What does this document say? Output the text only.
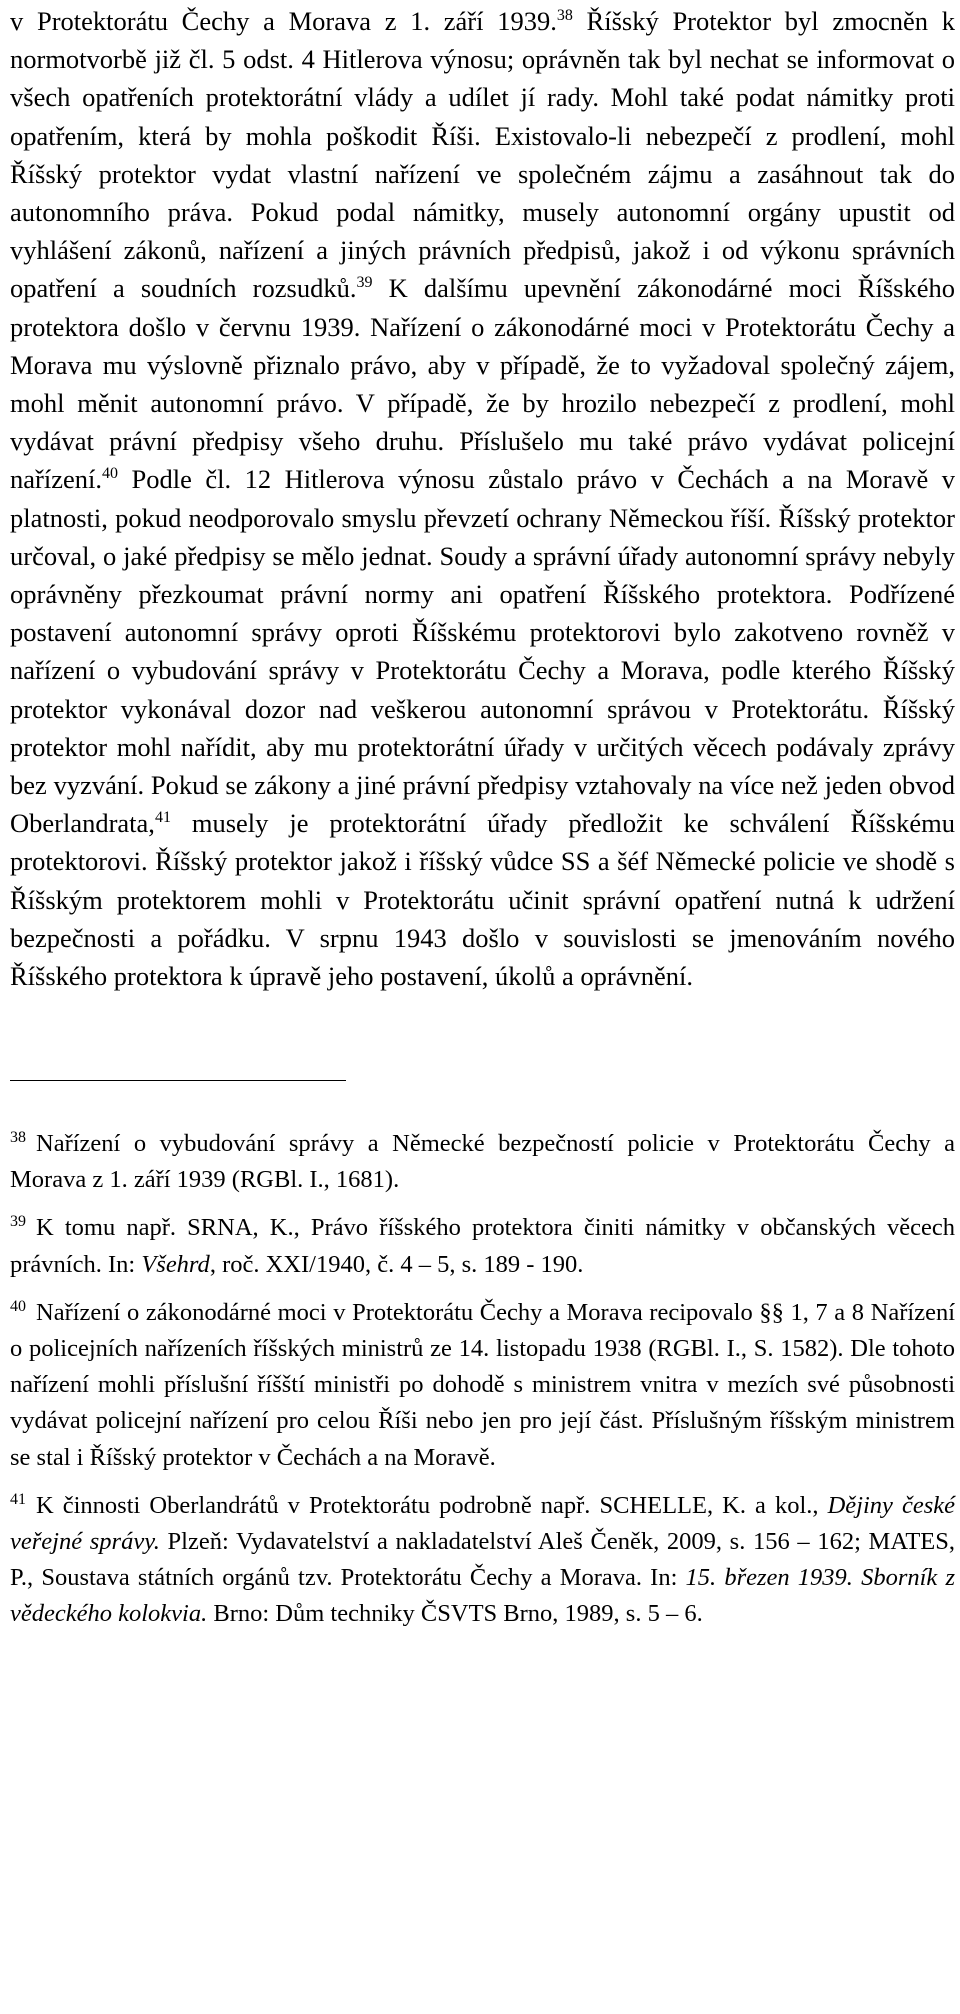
v Protektorátu Čechy a Morava z 1. září 1939.38 Říšský Protektor byl zmocněn k normotvorbě již čl. 5 odst. 4 Hitlerova výnosu; oprávněn tak byl nechat se informovat o všech opatřeních protektorátní vlády a udílet jí rady. Mohl také podat námitky proti opatřením, která by mohla poškodit Říši. Existovalo-li nebezpečí z prodlení, mohl Říšský protektor vydat vlastní nařízení ve společném zájmu a zasáhnout tak do autonomního práva. Pokud podal námitky, musely autonomní orgány upustit od vyhlášení zákonů, nařízení a jiných právních předpisů, jakož i od výkonu správních opatření a soudních rozsudků.$^{39}$ K dalšímu upevnění zákonodárné moci Říšského protektora došlo v červnu 1939. Nařízení o zákonodárné moci v Protektorátu Čechy a Morava mu výslovně přiznalo právo, aby v případě, že to vyžadoval společný zájem, mohl měnit autonomní právo. V případě, že by hrozilo nebezpečí z prodlení, mohl vydávat právní předpisy všeho druhu. Příslušelo mu také právo vydávat policejní nařízení.$^{40}$ Podle čl. 12 Hitlerova výnosu zůstalo právo v Čechách a na Moravě v platnosti, pokud neodporovalo smyslu převzetí ochrany Německou říší. Říšský protektor určoval, o jaké předpisy se mělo jednat. Soudy a správní úřady autonomní správy nebyly oprávněny přezkoumat právní normy ani opatření Říšského protektora. Podřízené postavení autonomní správy oproti Říšskému protektorovi bylo zakotveno rovněž v nařízení o vybudování správy v Protektorátu Čechy a Morava, podle kterého Říšský protektor vykonával dozor nad veškerou autonomní správou v Protektorátu. Říšský protektor mohl nařídit, aby mu protektorátní úřady v určitých věcech podávaly zprávy bez vyzvání. Pokud se zákony a jiné právní předpisy vztahovaly na více než jeden obvod Oberlandrata,$^{41}$ musely je protektorátní úřady předložit ke schválení Říšskému protektorovi. Říšský protektor jakož i říšský vůdce SS a šéf Německé policie ve shodě s Říšským protektorem mohli v Protektorátu učinit správní opatření nutná k udržení bezpečnosti a pořádku. V srpnu 1943 došlo v souvislosti se jmenováním nového Říšského protektora k úpravě jeho postavení, úkolů a oprávnění.

$^{38}$ Nařízení o vybudování správy a Německé bezpečností policie v Protektorátu Čechy a Morava z 1. září 1939 (RGBl. I., 1681).

$^{39}$ K tomu např. SRNA, K., Právo říšského protektora činiti námitky v občanských věcech právních. In: Všehrd, roč. XXI/1940, č. 4 – 5, s. 189 - 190.

$^{40}$ Nařízení o zákonodárné moci v Protektorátu Čechy a Morava recipovalo §§ 1, 7 a 8 Nařízení o policejních nařízeních říšských ministrů ze 14. listopadu 1938 (RGBl. I., S. 1582). Dle tohoto nařízení mohli příslušní říšští ministři po dohodě s ministrem vnitra v mezích své působnosti vydávat policejní nařízení pro celou Říši nebo jen pro její část. Příslušným říšským ministrem se stal i Říšský protektor v Čechách a na Moravě.

$^{41}$ K činnosti Oberlandrátů v Protektorátu podrobně např. SCHELLE, K. a kol., Dějiny české veřejné správy. Plzeň: Vydavatelství a nakladatelství Aleš Čeněk, 2009, s. 156 – 162; MATES, P., Soustava státních orgánů tzv. Protektorátu Čechy a Morava. In: 15. březen 1939. Sborník z vědeckého kolokvia. Brno: Dům techniky ČSVTS Brno, 1989, s. 5 – 6.
